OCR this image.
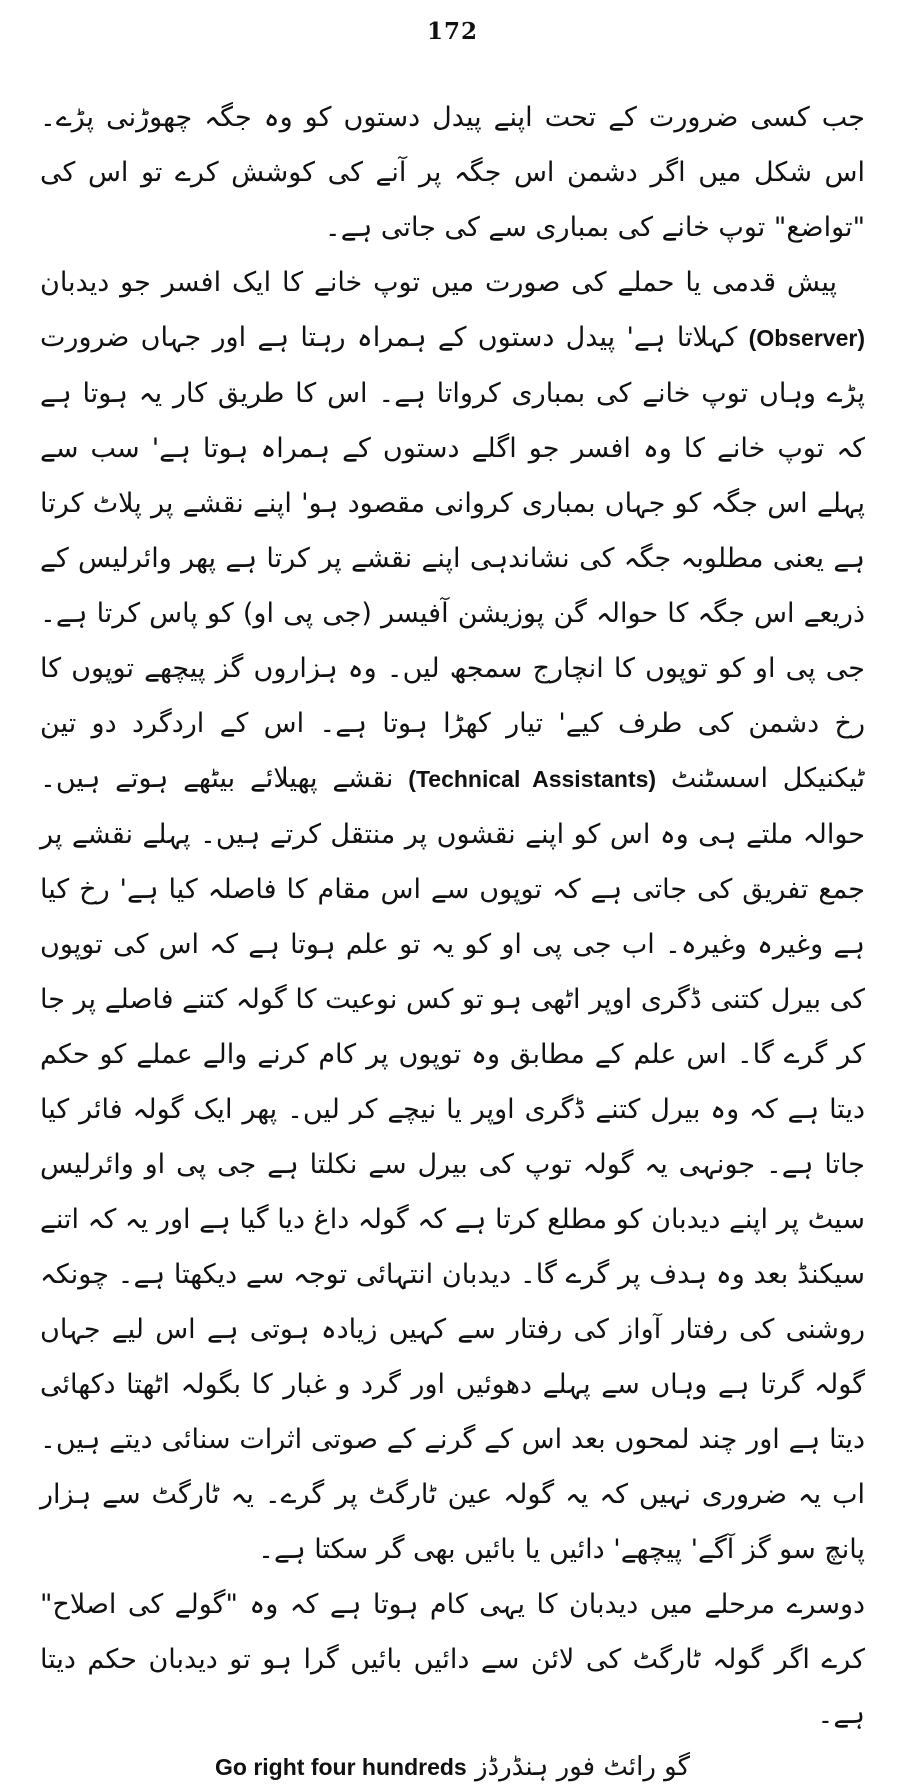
172

جب کسی ضرورت کے تحت اپنے پیدل دستوں کو وہ جگہ چھوڑنی پڑے۔ اس شکل میں اگر دشمن اس جگہ پر آنے کی کوشش کرے تو اس کی "تواضع" توپ خانے کی بمباری سے کی جاتی ہے۔

پیش قدمی یا حملے کی صورت میں توپ خانے کا ایک افسر جو دیدبان (Observer) کہلاتا ہے' پیدل دستوں کے ہمراہ رہتا ہے اور جہاں ضرورت پڑے وہاں توپ خانے کی بمباری کرواتا ہے۔ اس کا طریق کار یہ ہوتا ہے کہ توپ خانے کا وہ افسر جو اگلے دستوں کے ہمراہ ہوتا ہے' سب سے پہلے اس جگہ کو جہاں بمباری کروانی مقصود ہو' اپنے نقشے پر پلاٹ کرتا ہے یعنی مطلوبہ جگہ کی نشاندہی اپنے نقشے پر کرتا ہے پھر وائرلیس کے ذریعے اس جگہ کا حوالہ گن پوزیشن آفیسر (جی پی او) کو پاس کرتا ہے۔ جی پی او کو توپوں کا انچارج سمجھ لیں۔ وہ ہزاروں گز پیچھے توپوں کا رخ دشمن کی طرف کیے' تیار کھڑا ہوتا ہے۔ اس کے اردگرد دو تین ٹیکنیکل اسسٹنٹ (Technical Assistants) نقشے پھیلائے بیٹھے ہوتے ہیں۔ حوالہ ملتے ہی وہ اس کو اپنے نقشوں پر منتقل کرتے ہیں۔ پہلے نقشے پر جمع تفریق کی جاتی ہے کہ توپوں سے اس مقام کا فاصلہ کیا ہے' رخ کیا ہے وغیرہ وغیرہ۔ اب جی پی او کو یہ تو علم ہوتا ہے کہ اس کی توپوں کی بیرل کتنی ڈگری اوپر اٹھی ہو تو کس نوعیت کا گولہ کتنے فاصلے پر جا کر گرے گا۔ اس علم کے مطابق وہ توپوں پر کام کرنے والے عملے کو حکم دیتا ہے کہ وہ بیرل کتنے ڈگری اوپر یا نیچے کر لیں۔ پھر ایک گولہ فائر کیا جاتا ہے۔ جونہی یہ گولہ توپ کی بیرل سے نکلتا ہے جی پی او وائرلیس سیٹ پر اپنے دیدبان کو مطلع کرتا ہے کہ گولہ داغ دیا گیا ہے اور یہ کہ اتنے سیکنڈ بعد وہ ہدف پر گرے گا۔ دیدبان انتہائی توجہ سے دیکھتا ہے۔ چونکہ روشنی کی رفتار آواز کی رفتار سے کہیں زیادہ ہوتی ہے اس لیے جہاں گولہ گرتا ہے وہاں سے پہلے دھوئیں اور گرد و غبار کا بگولہ اٹھتا دکھائی دیتا ہے اور چند لمحوں بعد اس کے گرنے کے صوتی اثرات سنائی دیتے ہیں۔ اب یہ ضروری نہیں کہ یہ گولہ عین ٹارگٹ پر گرے۔ یہ ٹارگٹ سے ہزار پانچ سو گز آگے' پیچھے' دائیں یا بائیں بھی گر سکتا ہے۔

دوسرے مرحلے میں دیدبان کا یہی کام ہوتا ہے کہ وہ "گولے کی اصلاح" کرے اگر گولہ ٹارگٹ کی لائن سے دائیں بائیں گرا ہو تو دیدبان حکم دیتا ہے۔

گو رائٹ فور ہنڈرڈز Go right four hundreds
